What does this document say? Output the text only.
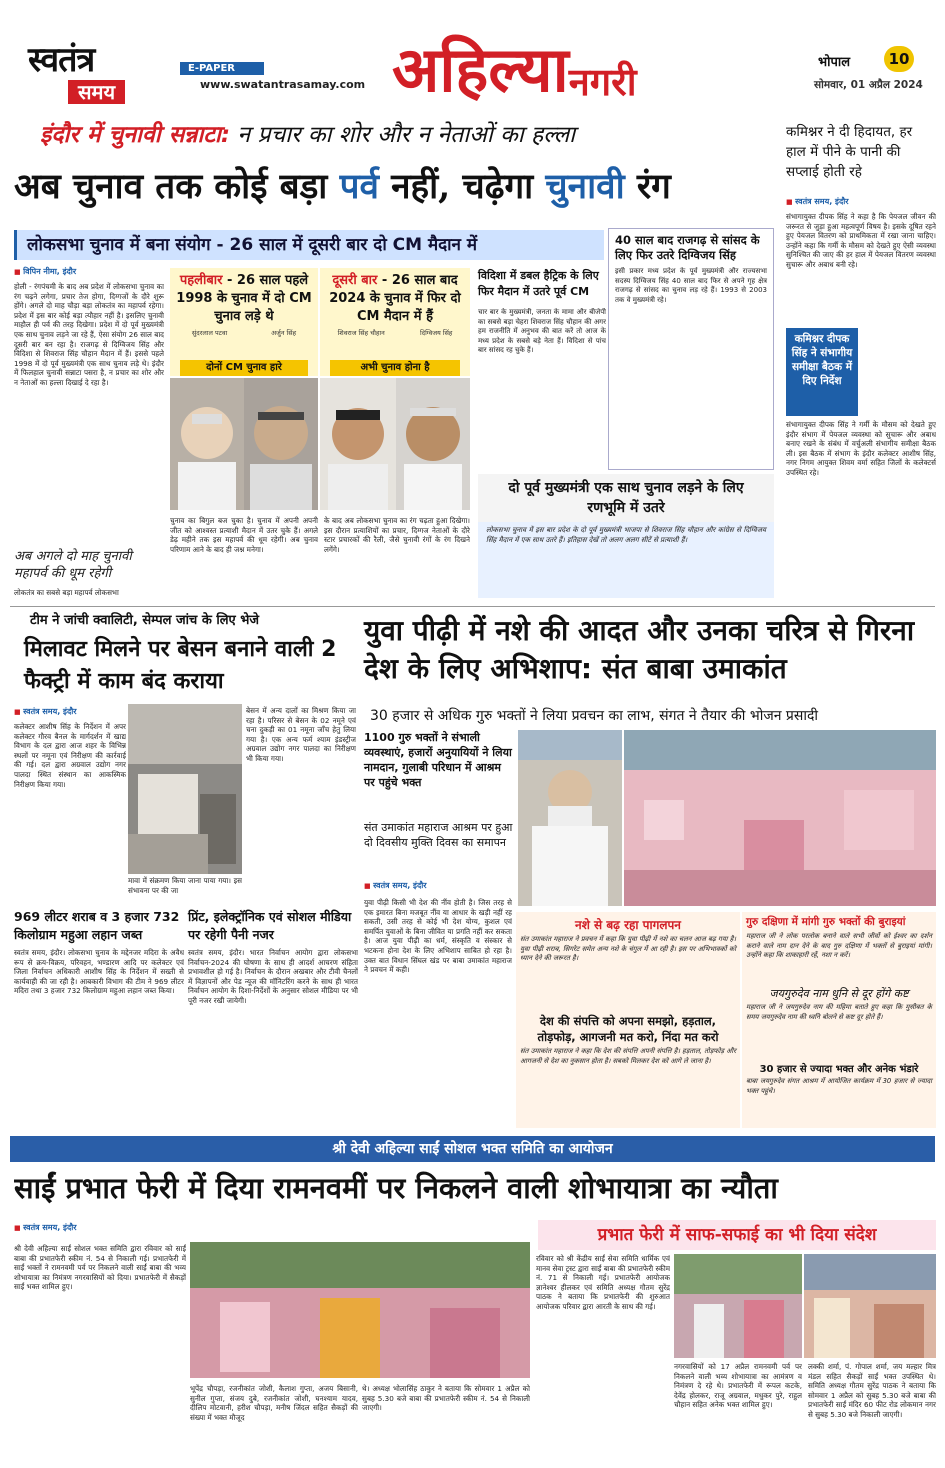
स्वतंत्र
समय
E-PAPER
www.swatantrasamay.com अहिल्यानगरी	भोपाल	10
सोमवार, 01 अप्रैल 2024
इंदौर में चुनावी सन्नाटा: न प्रचार का शोर और न नेताओं का हल्ला
अब चुनाव तक कोई बड़ा पर्व नहीं, चढ़ेगा चुनावी रंग
लोकसभा चुनाव में बना संयोग - 26 साल में दूसरी बार दो CM मैदान में
■ विपिन नीमा, इंदौर
होली - रंगपंचमी के बाद अब प्रदेश में लोकसभा चुनाव का रंग चढ़ने लगेगा, प्रचार तेज होगा, दिग्गजों के दौरे शुरू होंगे। अगले दो माह चौड़ा बड़ा लोकतंत्र का महापर्व रहेगा। प्रदेश में इस बार कोई बड़ा त्यौहार नहीं है। इसलिए चुनावी माहौल ही पर्व की तरह दिखेगा। प्रदेश में दो पूर्व मुख्यमंत्री एक साथ चुनाव लड़ने जा रहे हैं, ऐसा संयोग 26 साल बाद दूसरी बार बन रहा है। राजगढ़ से दिग्विजय सिंह और विदिशा से शिवराज सिंह चौहान मैदान में हैं। इससे पहले 1998 में दो पूर्व मुख्यमंत्री एक साथ चुनाव लड़े थे। इंदौर में फिलहाल चुनावी सन्नाटा पसरा है, न प्रचार का शोर और न नेताओं का हल्ला दिखाई दे रहा है।
अब अगले दो माह चुनावी महापर्व की धूम रहेगी
लोकतंत्र का सबसे बड़ा महापर्व लोकसभा
पहलीबार - 26 साल पहले 1998 के चुनाव में दो CM चुनाव लड़े थे
सुंदरलाल पटवा	अर्जुन सिंह
दोनों CM चुनाव हारे
दूसरी बार - 26 साल बाद 2024 के चुनाव में फिर दो CM मैदान में हैं
शिवराज सिंह चौहान	दिग्विजय सिंह
अभी चुनाव होना है
चुनाव का बिगुल बज चुका है। चुनाव में अपनी अपनी जीत को आश्वस्त प्रत्याशी मैदान में उतर चुके हैं। अगले डेढ़ महीने तक इस महापर्व की धूम रहेगी। अब चुनाव परिणाम आने के बाद ही जश्न मनेगा।
के बाद अब लोकसभा चुनाव का रंग चढ़ता हुआ दिखेगा। इस दौरान प्रत्याशियों का प्रचार, दिग्गज नेताओं के दौरे स्टार प्रचारकों की रैली, जैसे चुनावी रंगों के रंग दिखने लगेंगे।
विदिशा में डबल हैट्रिक के लिए फिर मैदान में उतरे पूर्व CM
चार बार के मुख्यमंत्री, जनता के मामा और बीजेपी का सबसे बड़ा चेहरा शिवराज सिंह चौहान की अगर हम राजनीति में अनुभव की बात करें तो आज के मध्य प्रदेश के सबसे बड़े नेता हैं। विदिशा से पांच बार सांसद रह चुके हैं।
40 साल बाद राजगढ़ से सांसद के लिए फिर उतरे दिग्विजय सिंह
इसी प्रकार मध्य प्रदेश के पूर्व मुख्यमंत्री और राज्यसभा सदस्य दिग्विजय सिंह 40 साल बाद फिर से अपने गृह क्षेत्र राजगढ़ से सांसद का चुनाव लड़ रहे हैं। 1993 से 2003 तक वे मुख्यमंत्री रहे।
दो पूर्व मुख्यमंत्री एक साथ चुनाव लड़ने के लिए रणभूमि में उतरे
लोकसभा चुनाव में इस बार प्रदेश के दो पूर्व मुख्यमंत्री भाजपा से शिवराज सिंह चौहान और कांग्रेस से दिग्विजय सिंह मैदान में एक साथ उतरे हैं। इतिहास देखें तो अलग अलग सीटें से प्रत्याशी हैं।
कमिश्नर ने दी हिदायत, हर हाल में पीने के पानी की सप्लाई होती रहे
■ स्वतंत्र समय, इंदौर
संभागायुक्त दीपक सिंह ने कहा है कि पेयजल जीवन की जरूरत से जुड़ा हुआ महत्वपूर्ण विषय है। इसके दूषित रहने हुए पेयजल वितरण को प्राथमिकता में रखा जाना चाहिए। उन्होंने कहा कि गर्मी के मौसम को देखते हुए ऐसी व्यवस्था सुनिश्चित की जाए की हर हाल में पेयजल वितरण व्यवस्था सुचारू और अबाध बनी रहे।
कमिश्नर दीपक सिंह ने संभागीय समीक्षा बैठक में दिए निर्देश
संभागायुक्त दीपक सिंह ने गर्मी के मौसम को देखते हुए इंदौर संभाग में पेयजल व्यवस्था को सुचारू और अबाध बनाए रखने के संबंध में वर्चुअली संभागीय समीक्षा बैठक ली। इस बैठक में संभाग के इंदौर कलेक्टर आशीष सिंह, नगर निगम आयुक्त शिवम वर्मा सहित जिलों के कलेक्टर्स उपस्थित रहे।
टीम ने जांची क्वालिटी, सेम्पल जांच के लिए भेजे
मिलावट मिलने पर बेसन बनाने वाली 2 फैक्ट्री में काम बंद कराया
■ स्वतंत्र समय, इंदौर
कलेक्टर आशीष सिंह के निर्देशन में अपर कलेक्टर गौरव बैनल के मार्गदर्शन में खाद्य विभाग के दल द्वारा आज शहर के विभिन्न स्थलों पर नमूना एवं निरीक्षण की कार्रवाई की गई। दल द्वारा अग्रवाल उद्योग नगर पालदा स्थित संस्थान का आकस्मिक निरीक्षण किया गया।
मावा में संक्रमण किया जाना पाया गया। इस संभावना पर की जा
बेसन में अन्य दालों का मिश्रण किया जा रहा है। परिसर से बेसन के 02 नमूने एवं चना दुकड़ी का 01 नमूना जाँच हेतु लिया गया है। एक अन्य फर्म श्याम इंडस्ट्रीज अग्रवाल उद्योग नगर पालदा का निरीक्षण भी किया गया।
969 लीटर शराब व 3 हजार 732 किलोग्राम महुआ लहान जब्त
स्वतंत्र समय, इंदौर। लोकसभा चुनाव के मद्देनजर मदिरा के अवैध रूप से क्रय-विक्रय, परिवहन, भण्डारण आदि पर कलेक्टर एवं जिला निर्वाचन अधिकारी आशीष सिंह के निर्देशन में सख्ती से कार्यवाही की जा रही है। आबकारी विभाग की टीम ने 969 लीटर मदिरा तथा 3 हजार 732 किलोग्राम महुआ लहान जब्त किया।
प्रिंट, इलेक्ट्रॉनिक एवं सोशल मीडिया पर रहेगी पैनी नजर
स्वतंत्र समय, इंदौर। भारत निर्वाचन आयोग द्वारा लोकसभा निर्वाचन-2024 की घोषणा के साथ ही आदर्श आचरण संहिता प्रभावशील हो गई है। निर्वाचन के दौरान अखबार और टीवी चैनलों में विज्ञापनों और पेड न्यूज की मॉनिटरिंग करने के साथ ही भारत निर्वाचन आयोग के दिशा-निर्देशों के अनुसार सोशल मीडिया पर भी पूरी नजर रखी जायेगी।
युवा पीढ़ी में नशे की आदत और उनका चरित्र से गिरना देश के लिए अभिशाप: संत बाबा उमाकांत
30 हजार से अधिक गुरु भक्तों ने लिया प्रवचन का लाभ, संगत ने तैयार की भोजन प्रसादी
1100 गुरु भक्तों ने संभाली व्यवस्थाएं, हजारों अनुयायियों ने लिया नामदान, गुलाबी परिधान में आश्रम पर पहुंचे भक्त
संत उमाकांत महाराज आश्रम पर हुआ दो दिवसीय मुक्ति दिवस का समापन
■ स्वतंत्र समय, इंदौर
युवा पीढ़ी किसी भी देश की नींव होती है। जिस तरह से एक इमारत बिना मजबूत नींव या आधार के खड़ी नहीं रह सकती, उसी तरह से कोई भी देश योग्य, कुशल एवं समर्पित युवाओं के बिना जीवित या प्रगति नहीं कर सकता है। आज युवा पीढ़ी का धर्म, संस्कृति व संस्कार से भटकना होना देश के लिए अभिशाप साबित हो रहा है। उक्त बात विधान सिंघल खंड पर बाबा उमाकांत महाराज ने प्रवचन में कही।
नशे से बढ़ रहा पागलपन
संत उमाकांत महाराज ने प्रवचन में कहा कि युवा पीढ़ी में नशे का चलन आज बढ़ गया है। युवा पीढ़ी शराब, सिगरेट समेत अन्य नशे के चंगुल में आ रही है। इस पर अभिभावकों को ध्यान देने की जरूरत है।
देश की संपत्ति को अपना समझो, हड़ताल, तोड़फोड़, आगजनी मत करो, निंदा मत करो
संत उमाकांत महाराज ने कहा कि देश की संपत्ति अपनी संपत्ति है। हड़ताल, तोड़फोड़ और आगजनी से देश का नुकसान होता है। सबको मिलकर देश को आगे ले जाना है।
गुरु दक्षिणा में मांगी गुरु भक्तों की बुराइयां
महाराज जी ने लोक परलोक बनाने वाले सभी जीवों को ईश्वर का दर्शन कराने वाले नाम दान देने के बाद गुरु दक्षिणा में भक्तों से बुराइयां मांगी। उन्होंने कहा कि शाकाहारी रहें, नशा न करें।
जयगुरुदेव नाम धुनि से दूर होंगे कष्ट
महाराज जी ने जयगुरुदेव नाम की महिमा बताते हुए कहा कि मुसीबत के समय जयगुरुदेव नाम की ध्वनि बोलने से कष्ट दूर होते हैं।
30 हजार से ज्यादा भक्त और अनेक भंडारे
बाबा जयगुरुदेव संगत आश्रम में आयोजित कार्यक्रम में 30 हजार से ज्यादा भक्त पहुंचे।
श्री देवी अहिल्या साईं सोशल भक्त समिति का आयोजन
साईं प्रभात फेरी में दिया रामनवमीं पर निकलने वाली शोभायात्रा का न्यौता
■ स्वतंत्र समय, इंदौर	प्रभात फेरी में साफ-सफाई का भी दिया संदेश
श्री देवी अहिल्या साईं सोशल भक्त समिति द्वारा रविवार को साईं बाबा की प्रभातफेरी स्कीम नं. 54 से निकाली गई। प्रभातफेरी में साईं भक्तों ने रामनवमी पर्व पर निकलने वाली साईं बाबा की भव्य शोभायात्रा का निमंत्रण नगरवासियों को दिया। प्रभातफेरी में सैकड़ों साईं भक्त शामिल हुए।
भूपेंद्र चौपड़ा, रजनीकांत जोशी, कैलाश गुप्ता, अजय बिसानी, सुनील गुप्ता, संजय दुबे, रजनीकांत जोशी, घनश्याम यादव, दीलिप मोटवानी, हरीश चौपड़ा, मनीष जिंदल सहित सैकड़ों की संख्या में भक्त मौजूद
थे। अध्यक्ष भोलासिंह ठाकुर ने बताया कि सोमवार 1 अप्रैल को सुबह 5.30 बजे बाबा की प्रभातफेरी स्कीम नं. 54 से निकाली जाएगी।
रविवार को श्री केंद्रीय साईं सेवा समिति धार्मिक एवं मानव सेवा ट्रस्ट द्वारा साईं बाबा की प्रभातफेरी स्कीम नं. 71 से निकाली गई। प्रभातफेरी आयोजक ज्ञानेश्वर हीलकर एवं समिति अध्यक्ष गौतम सुरेंद्र पाठक ने बताया कि प्रभातफेरी की शुरुआत आयोजक परिवार द्वारा आरती के साथ की गई।
नगरवासियों को 17 अप्रैल रामनवमी पर्व पर निकलने वाली भव्य शोभायात्रा का आमंत्रण व निमंत्रण दे रहे थे। प्रभातफेरी में रूपल कटके, देवेंद्र होलकर, राजू अग्रवाल, मधुकर पुरे, राहुल चौहान सहित अनेक भक्त शामिल हुए।
लक्की शर्मा, पं. गोपाल शर्मा, जय मल्हार मित्र मंडल सहित सैकड़ों साईं भक्त उपस्थित थे। समिति अध्यक्ष गौतम सुरेंद्र पाठक ने बताया कि सोमवार 1 अप्रैल को सुबह 5.30 बजे बाबा की प्रभातफेरी साईं मंदिर 60 फीट रोड लोकमान नगर से सुबह 5.30 बजे निकाली जाएगी।
